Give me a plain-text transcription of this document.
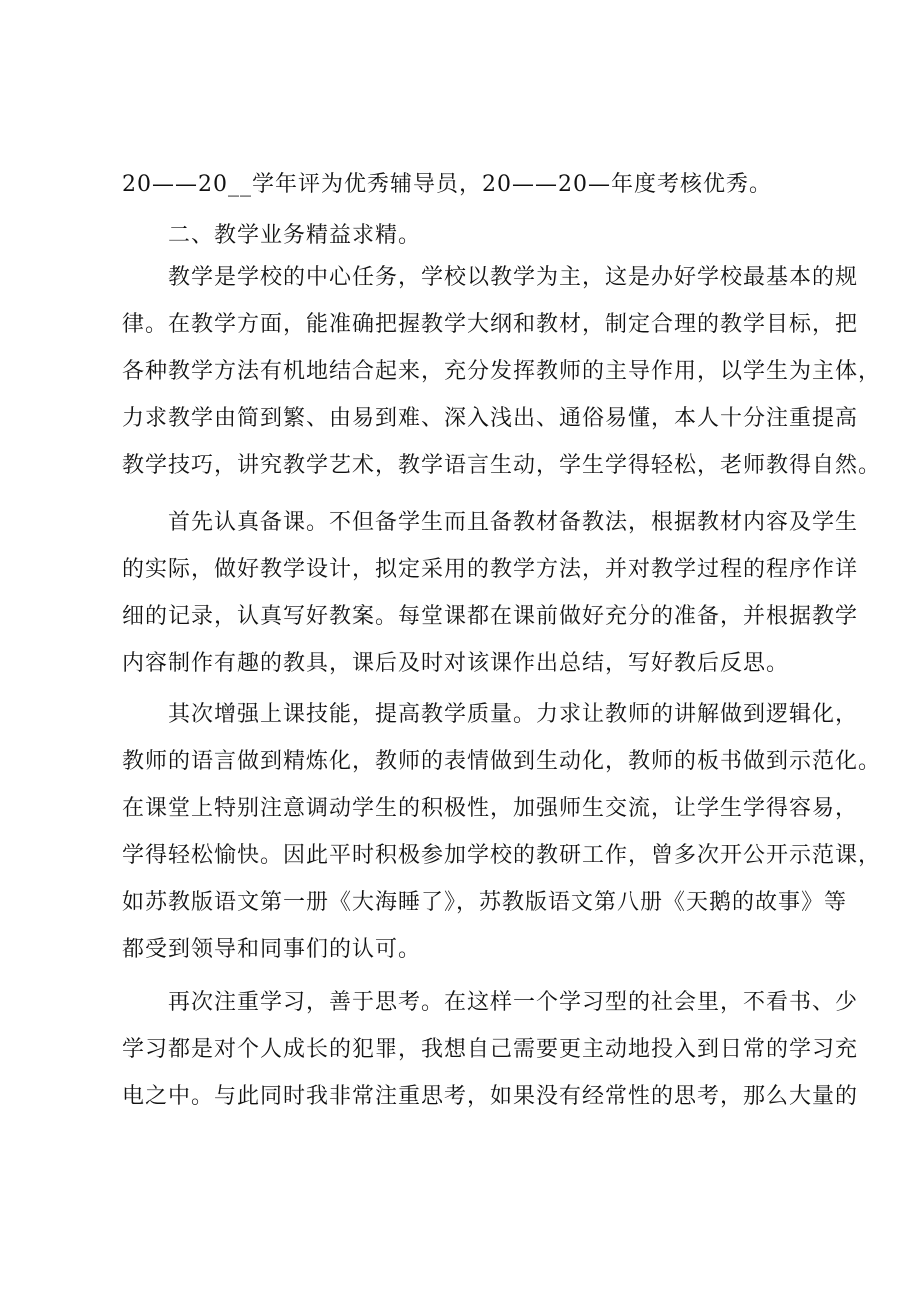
20——20__学年评为优秀辅导员，20——20—年度考核优秀。
二、教学业务精益求精。
教学是学校的中心任务，学校以教学为主，这是办好学校最基本的规
律。在教学方面，能准确把握教学大纲和教材，制定合理的教学目标，把
各种教学方法有机地结合起来，充分发挥教师的主导作用，以学生为主体，
力求教学由简到繁、由易到难、深入浅出、通俗易懂，本人十分注重提高
教学技巧，讲究教学艺术，教学语言生动，学生学得轻松，老师教得自然。
首先认真备课。不但备学生而且备教材备教法，根据教材内容及学生
的实际，做好教学设计，拟定采用的教学方法，并对教学过程的程序作详
细的记录，认真写好教案。每堂课都在课前做好充分的准备，并根据教学
内容制作有趣的教具，课后及时对该课作出总结，写好教后反思。
其次增强上课技能，提高教学质量。力求让教师的讲解做到逻辑化，
教师的语言做到精炼化，教师的表情做到生动化，教师的板书做到示范化。
在课堂上特别注意调动学生的积极性，加强师生交流，让学生学得容易，
学得轻松愉快。因此平时积极参加学校的教研工作，曾多次开公开示范课，
如苏教版语文第一册《大海睡了》，苏教版语文第八册《天鹅的故事》等
都受到领导和同事们的认可。
再次注重学习，善于思考。在这样一个学习型的社会里，不看书、少
学习都是对个人成长的犯罪，我想自己需要更主动地投入到日常的学习充
电之中。与此同时我非常注重思考，如果没有经常性的思考，那么大量的
